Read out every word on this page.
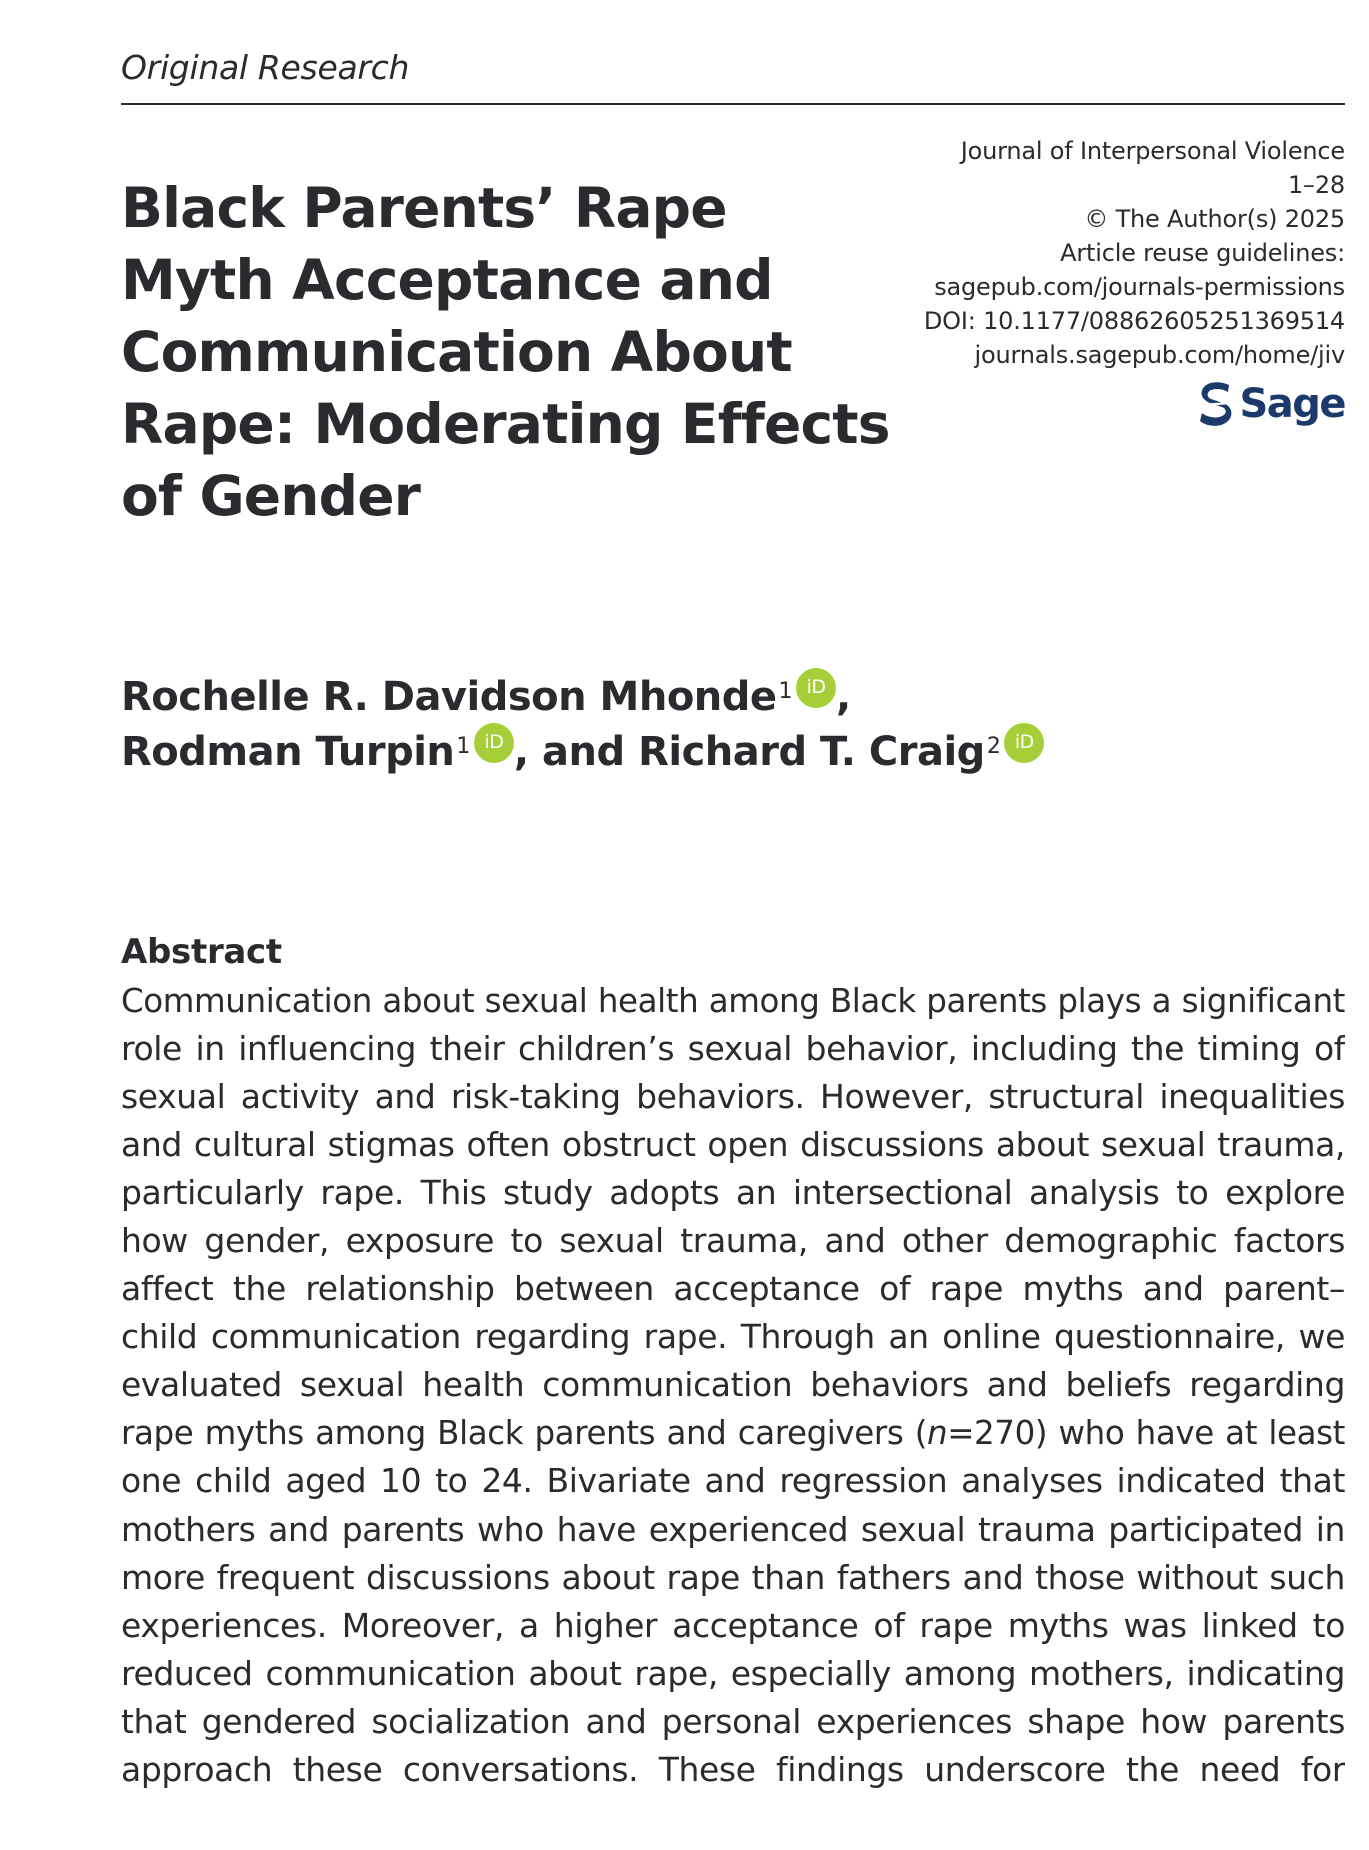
Original Research
Journal of Interpersonal Violence
1–28
© The Author(s) 2025
Article reuse guidelines:
sagepub.com/journals-permissions
DOI: 10.1177/08862605251369514
journals.sagepub.com/home/jiv
Sage
Black Parents’ Rape
Myth Acceptance and
Communication About
Rape: Moderating Effects
of Gender
Rochelle R. Davidson Mhonde$^1$ iD ,
Rodman Turpin$^1$ iD , and
Richard T. Craig$^2$ iD
Abstract
Communication about sexual health among Black parents plays a significant
role in influencing their children’s sexual behavior, including the timing of
sexual activity and risk-taking behaviors. However, structural inequalities
and cultural stigmas often obstruct open discussions about sexual trauma,
particularly rape. This study adopts an intersectional analysis to explore
how gender, exposure to sexual trauma, and other demographic factors
affect the relationship between acceptance of rape myths and parent–
child communication regarding rape. Through an online questionnaire, we
evaluated sexual health communication behaviors and beliefs regarding
rape myths among Black parents and caregivers (n=270) who have at least
one child aged 10 to 24. Bivariate and regression analyses indicated that
mothers and parents who have experienced sexual trauma participated in
more frequent discussions about rape than fathers and those without such
experiences. Moreover, a higher acceptance of rape myths was linked to
reduced communication about rape, especially among mothers, indicating
that gendered socialization and personal experiences shape how parents
approach these conversations. These findings underscore the need for
